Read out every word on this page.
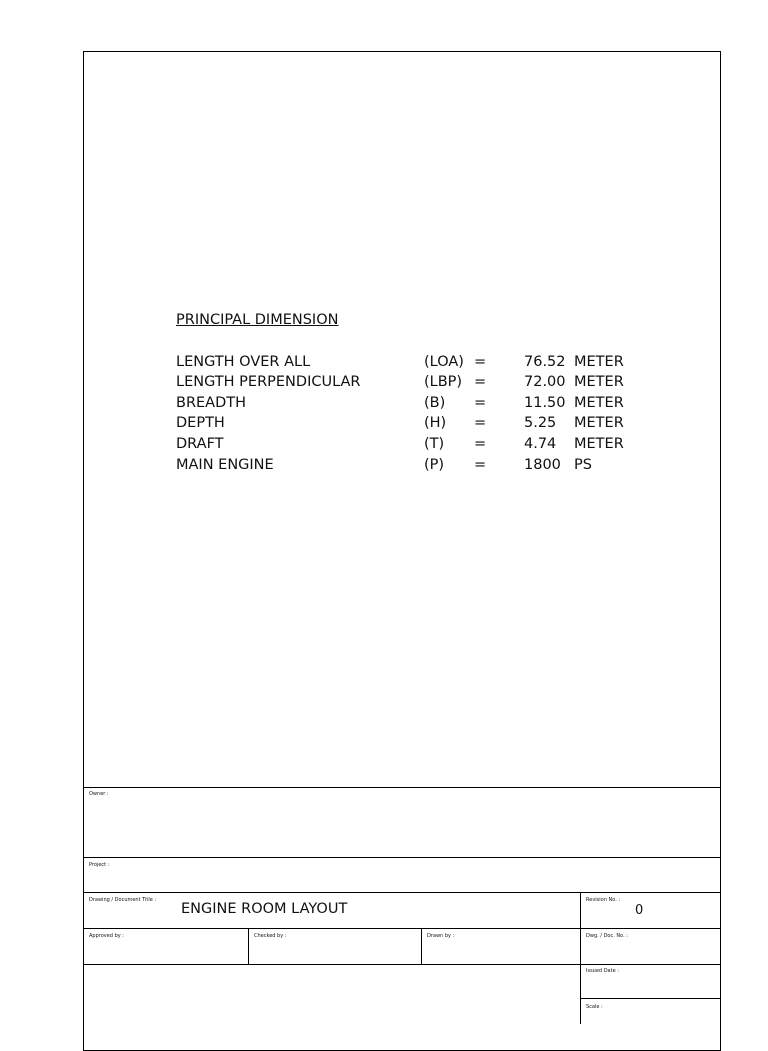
PRINCIPAL DIMENSION
LENGTH OVER ALL	(LOA) =	76.52 METER
LENGTH PERPENDICULAR	(LBP) =	72.00 METER
BREADTH	(B) =	11.50 METER
DEPTH	(H) =	5.25 METER
DRAFT	(T) =	4.74 METER
MAIN ENGINE	(P) =	1800 PS
Owner :
Project :
Drawing / Document Title :
ENGINE ROOM LAYOUT
Revision No. :
0
Approved by :	Checked by :	Drawn by :	Dwg. / Doc. No. :
Issued Date :
Scale :
